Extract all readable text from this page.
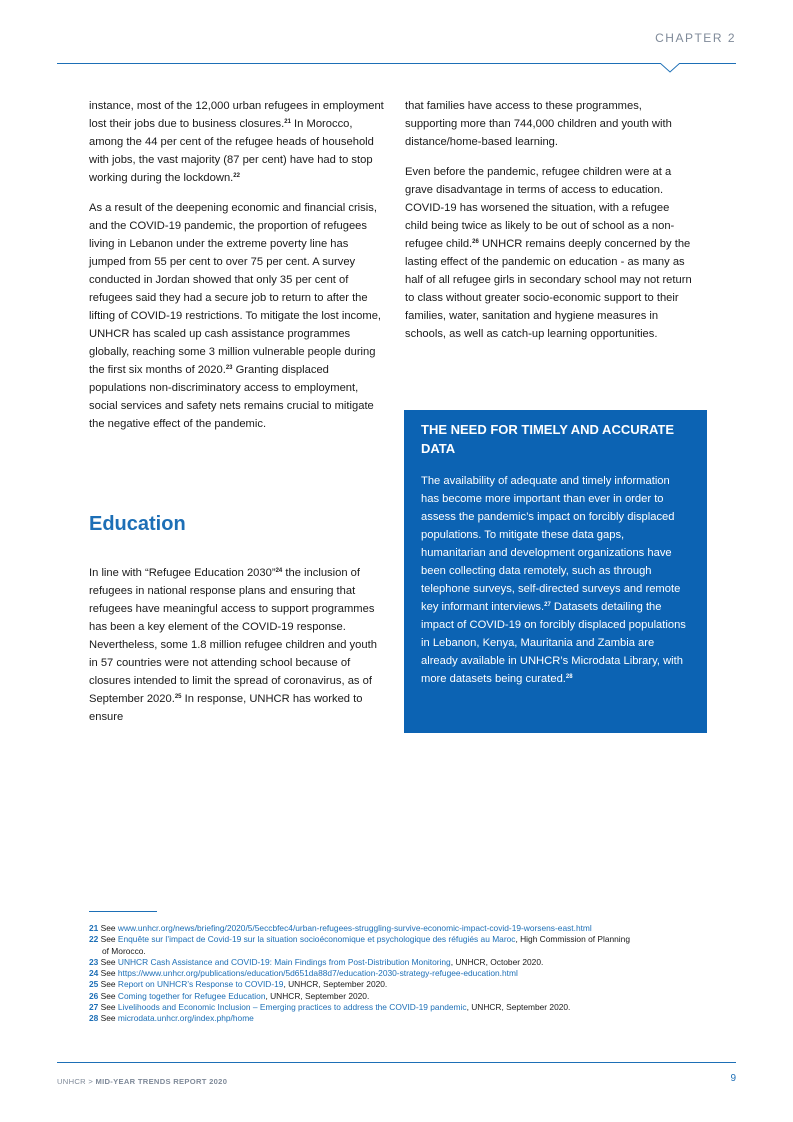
CHAPTER 2

instance, most of the 12,000 urban refugees in employment lost their jobs due to business closures.$^{21}$ In Morocco, among the 44 per cent of the refugee heads of household with jobs, the vast majority (87 per cent) have had to stop working during the lockdown.$^{22}$

As a result of the deepening economic and financial crisis, and the COVID-19 pandemic, the proportion of refugees living in Lebanon under the extreme poverty line has jumped from 55 per cent to over 75 per cent. A survey conducted in Jordan showed that only 35 per cent of refugees said they had a secure job to return to after the lifting of COVID-19 restrictions. To mitigate the lost income, UNHCR has scaled up cash assistance programmes globally, reaching some 3 million vulnerable people during the first six months of 2020.23 Granting displaced populations non-discriminatory access to employment, social services and safety nets remains crucial to mitigate the negative effect of the pandemic.

Education

In line with “Refugee Education 2030”$^{24}$ the inclusion of refugees in national response plans and ensuring that refugees have meaningful access to support programmes has been a key element of the COVID-19 response. Nevertheless, some 1.8 million refugee children and youth in 57 countries were not attending school because of closures intended to limit the spread of coronavirus, as of September 2020.25 In response, UNHCR has worked to ensure

that families have access to these programmes, supporting more than 744,000 children and youth with distance/home-based learning.

Even before the pandemic, refugee children were at a grave disadvantage in terms of access to education. COVID-19 has worsened the situation, with a refugee child being twice as likely to be out of school as a non-refugee child.$^{26}$ UNHCR remains deeply concerned by the lasting effect of the pandemic on education - as many as half of all refugee girls in secondary school may not return to class without greater socio-economic support to their families, water, sanitation and hygiene measures in schools, as well as catch-up learning opportunities.

THE NEED FOR TIMELY AND ACCURATE DATA

The availability of adequate and timely information has become more important than ever in order to assess the pandemic’s impact on forcibly displaced populations. To mitigate these data gaps, humanitarian and development organizations have been collecting data remotely, such as through telephone surveys, self-directed surveys and remote key informant interviews.$^{27}$ Datasets detailing the impact of COVID-19 on forcibly displaced populations in Lebanon, Kenya, Mauritania and Zambia are already available in UNHCR’s Microdata Library, with more datasets being curated.$^{28}$

21 See www.unhcr.org/news/briefing/2020/5/5eccbfec4/urban-refugees-struggling-survive-economic-impact-covid-19-worsens-east.html
22 See Enquête sur l’impact de Covid-19 sur la situation socioéconomique et psychologique des réfugiés au Maroc, High Commission of Planning
of Morocco.
23 See UNHCR Cash Assistance and COVID-19: Main Findings from Post-Distribution Monitoring, UNHCR, October 2020.
24 See https://www.unhcr.org/publications/education/5d651da88d7/education-2030-strategy-refugee-education.html
25 See Report on UNHCR’s Response to COVID-19, UNHCR, September 2020.
26 See Coming together for Refugee Education, UNHCR, September 2020.
27 See Livelihoods and Economic Inclusion – Emerging practices to address the COVID-19 pandemic, UNHCR, September 2020.
28 See microdata.unhcr.org/index.php/home
UNHCR > MID-YEAR TRENDS REPORT 2020	9
